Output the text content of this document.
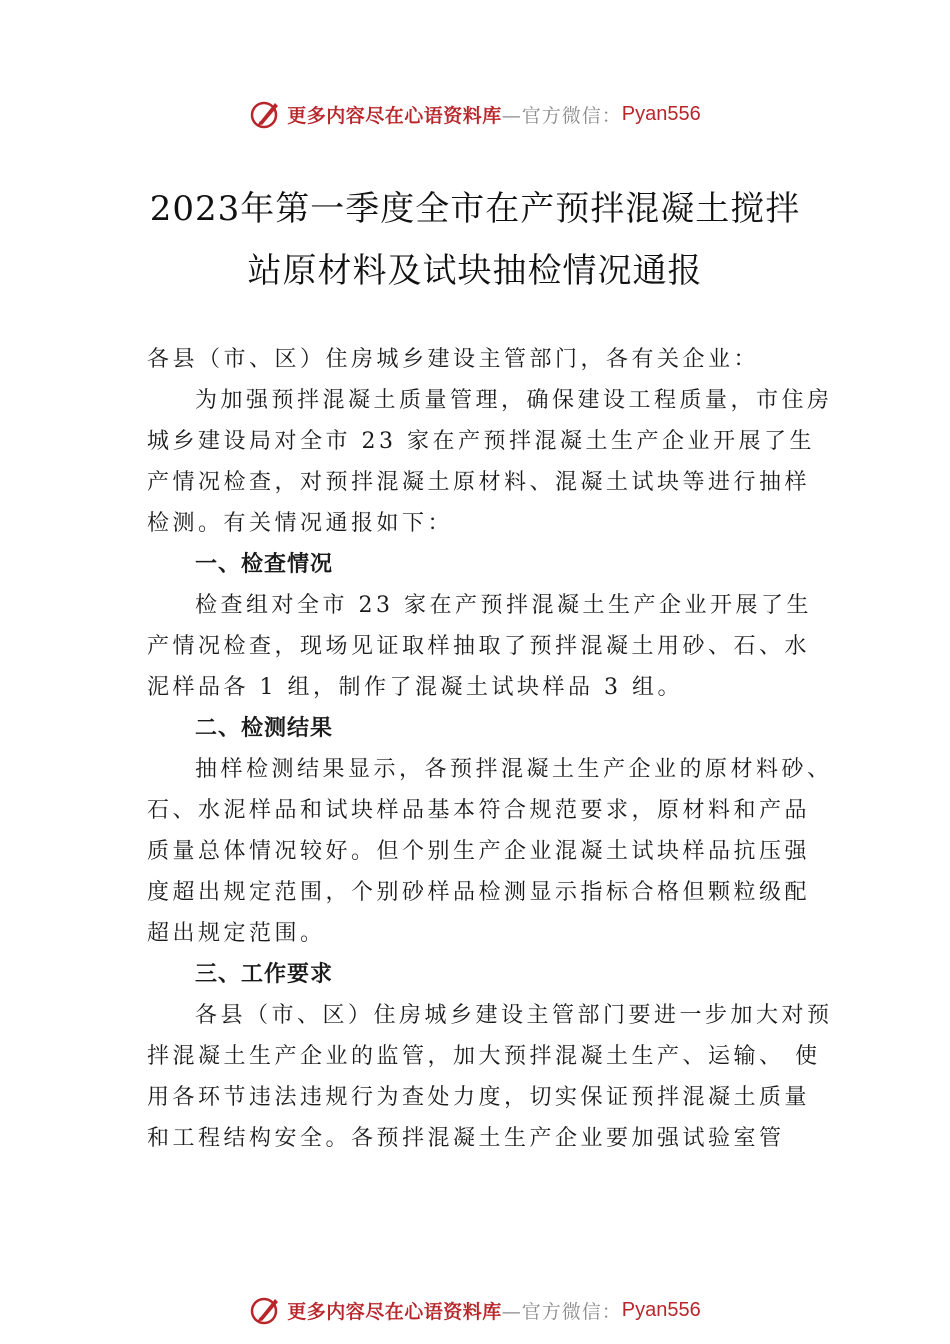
更多内容尽在心语资料库 —官方微信： Pyan556
2023年第一季度全市在产预拌混凝土搅拌
站原材料及试块抽检情况通报

各县（市、区）住房城乡建设主管部门，各有关企业：

为加强预拌混凝土质量管理，确保建设工程质量，市住房城乡建设局对全市 23 家在产预拌混凝土生产企业开展了生产情况检查，对预拌混凝土原材料、混凝土试块等进行抽样检测。有关情况通报如下：

一、检查情况

检查组对全市 23 家在产预拌混凝土生产企业开展了生产情况检查，现场见证取样抽取了预拌混凝土用砂、石、水泥样品各 1 组，制作了混凝土试块样品 3 组。

二、检测结果

抽样检测结果显示，各预拌混凝土生产企业的原材料砂、石、水泥样品和试块样品基本符合规范要求，原材料和产品质量总体情况较好。但个别生产企业混凝土试块样品抗压强度超出规定范围，个别砂样品检测显示指标合格但颗粒级配 超出规定范围。

三、工作要求

各县（市、区）住房城乡建设主管部门要进一步加大对预拌混凝土生产企业的监管，加大预拌混凝土生产、运输、 使用各环节违法违规行为查处力度，切实保证预拌混凝土质量和工程结构安全。各预拌混凝土生产企业要加强试验室管

更多内容尽在心语资料库 —官方微信： Pyan556
